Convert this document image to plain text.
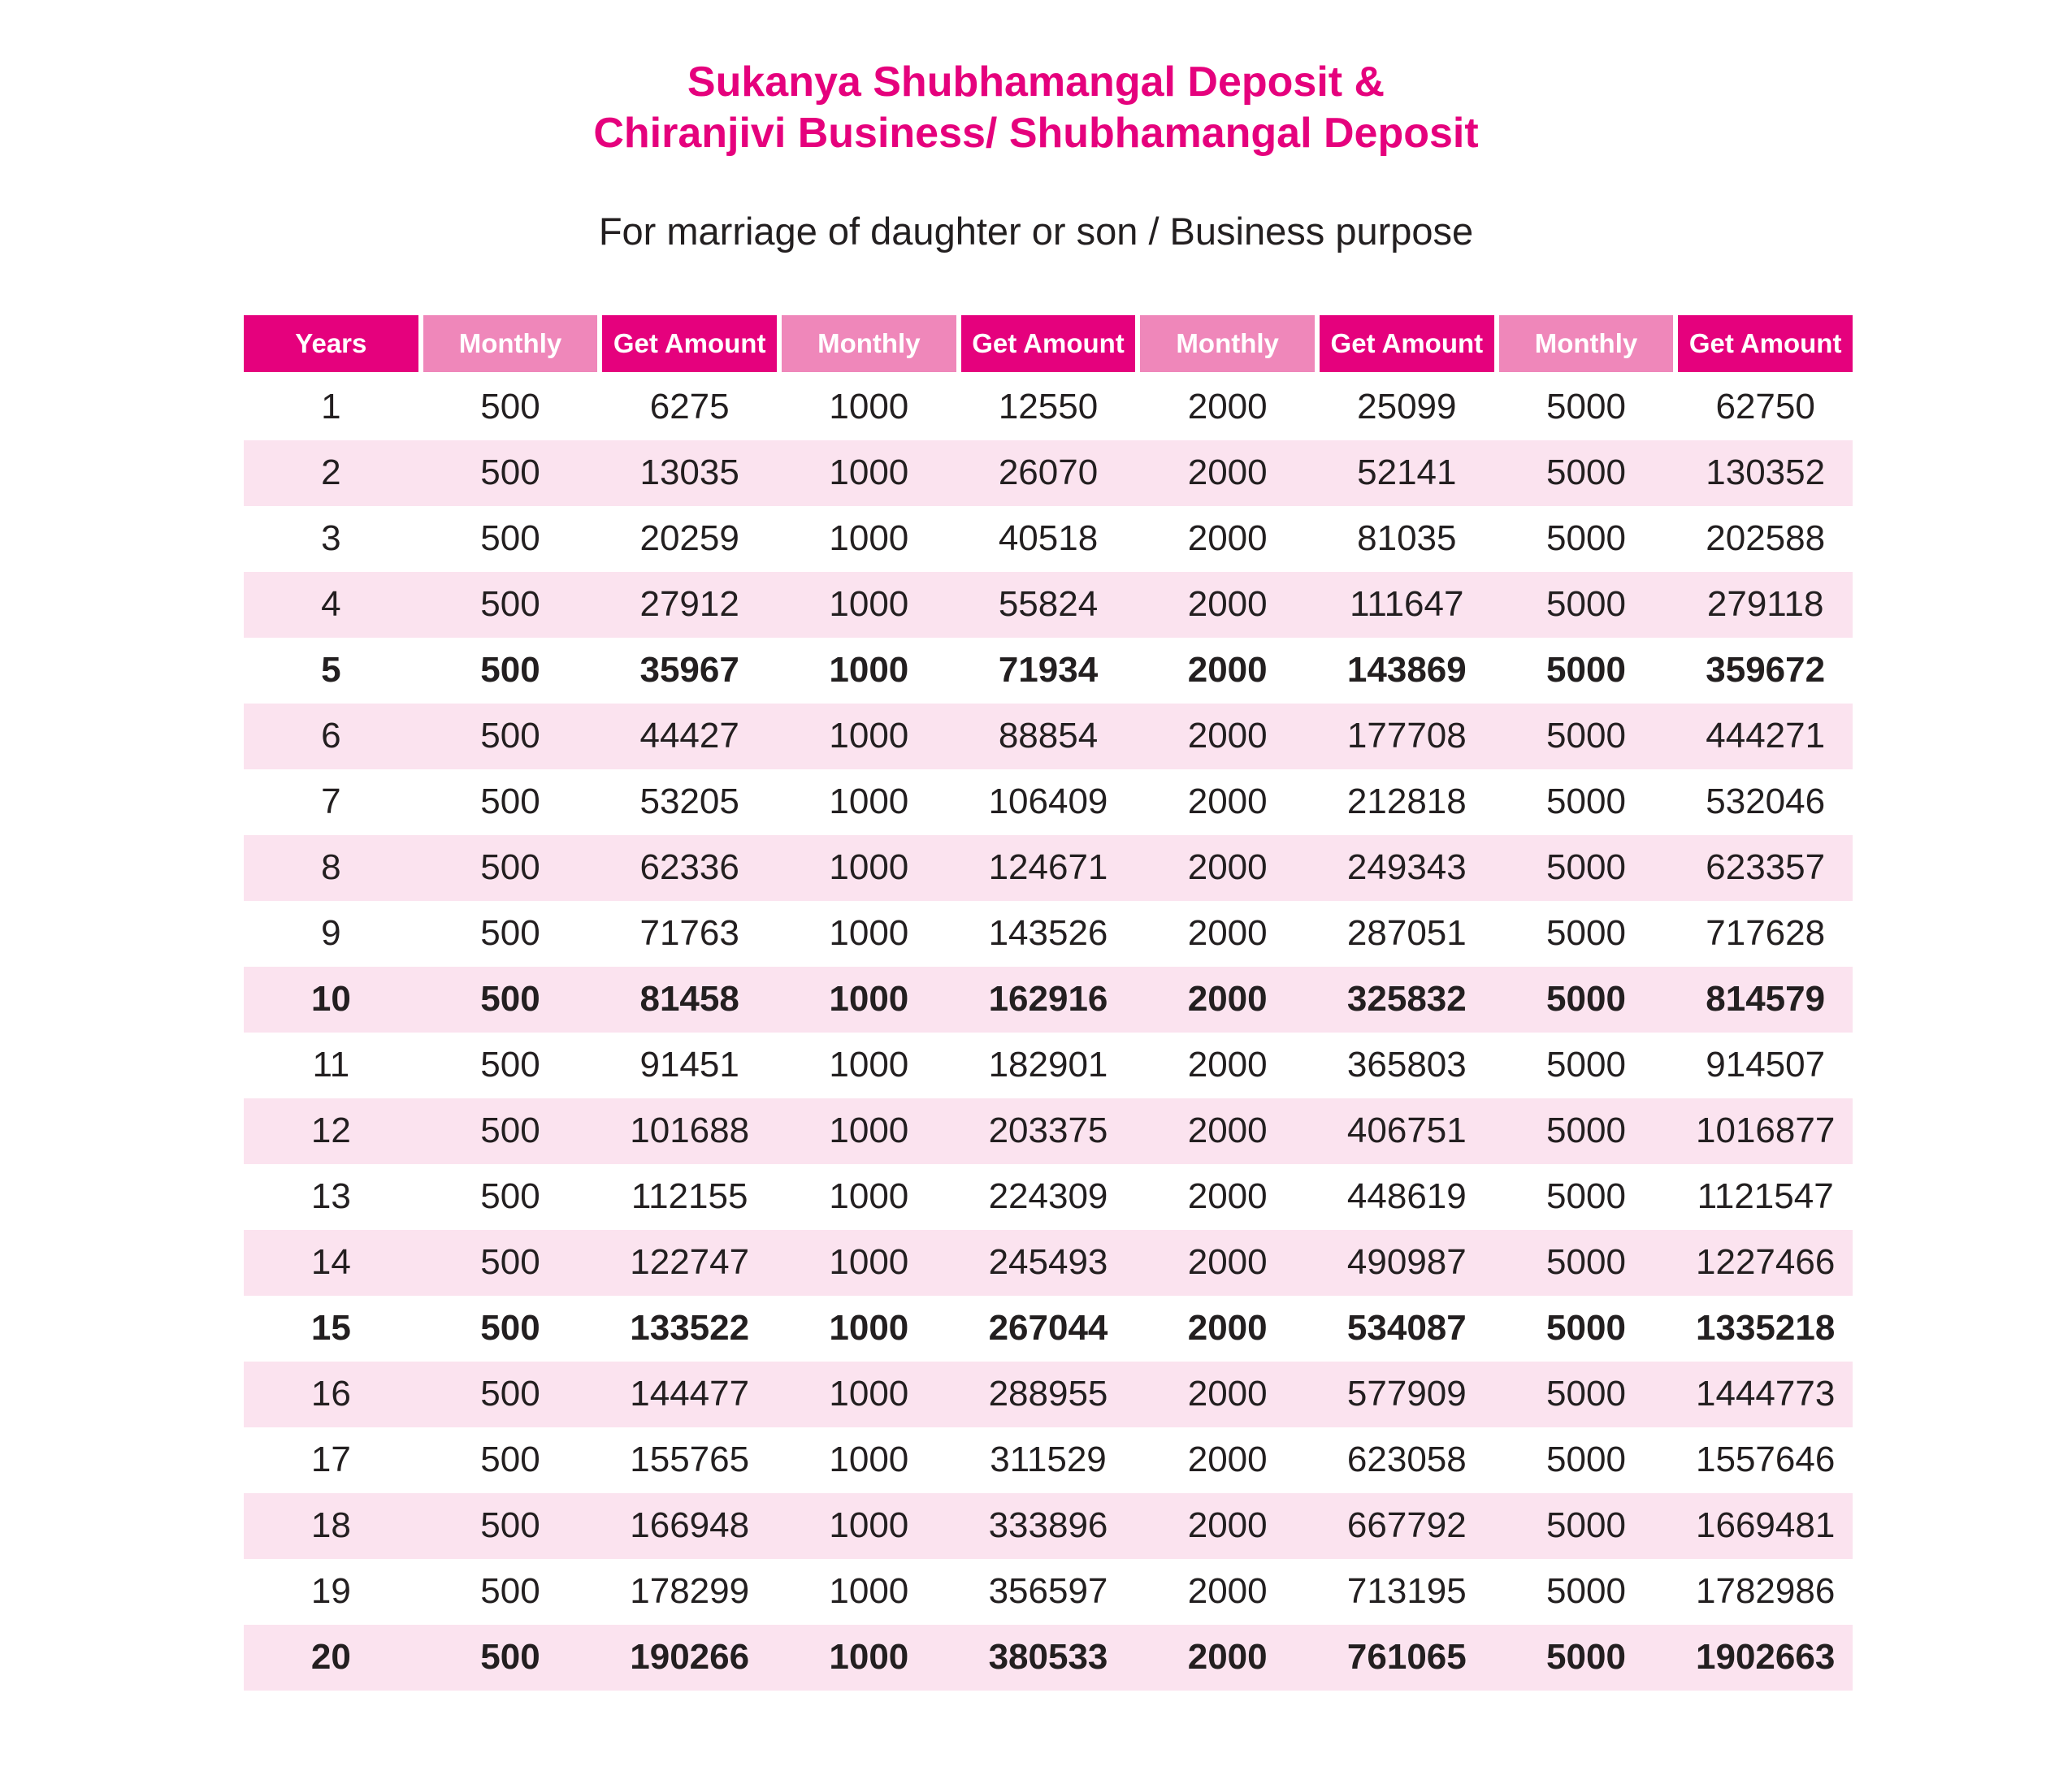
Sukanya Shubhamangal Deposit &
Chiranjivi Business/ Shubhamangal Deposit
For marriage of daughter or son / Business purpose
Years	Monthly	Get Amount	Monthly	Get Amount	Monthly	Get Amount	Monthly	Get Amount
1	500	6275	1000	12550	2000	25099	5000	62750
2	500	13035	1000	26070	2000	52141	5000	130352
3	500	20259	1000	40518	2000	81035	5000	202588
4	500	27912	1000	55824	2000	111647	5000	279118
5	500	35967	1000	71934	2000	143869	5000	359672
6	500	44427	1000	88854	2000	177708	5000	444271
7	500	53205	1000	106409	2000	212818	5000	532046
8	500	62336	1000	124671	2000	249343	5000	623357
9	500	71763	1000	143526	2000	287051	5000	717628
10	500	81458	1000	162916	2000	325832	5000	814579
11	500	91451	1000	182901	2000	365803	5000	914507
12	500	101688	1000	203375	2000	406751	5000	1016877
13	500	112155	1000	224309	2000	448619	5000	1121547
14	500	122747	1000	245493	2000	490987	5000	1227466
15	500	133522	1000	267044	2000	534087	5000	1335218
16	500	144477	1000	288955	2000	577909	5000	1444773
17	500	155765	1000	311529	2000	623058	5000	1557646
18	500	166948	1000	333896	2000	667792	5000	1669481
19	500	178299	1000	356597	2000	713195	5000	1782986
20	500	190266	1000	380533	2000	761065	5000	1902663
